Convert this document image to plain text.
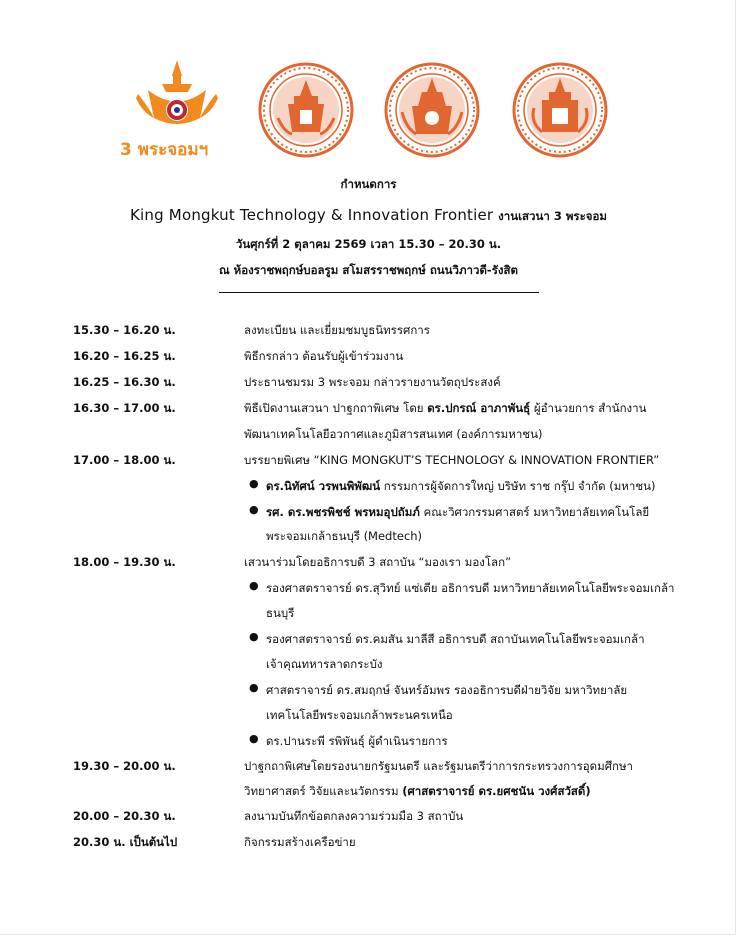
3 พระจอมฯ
กำหนดการ
King Mongkut Technology & Innovation Frontier งานเสวนา 3 พระจอม
วันศุกร์ที่ 2 ตุลาคม 2569 เวลา 15.30 – 20.30 น.
ณ ห้องราชพฤกษ์บอลรูม สโมสรราชพฤกษ์ ถนนวิภาวดี-รังสิต
15.30 – 16.20 น.	ลงทะเบียน และเยี่ยมชมบูธนิทรรศการ
16.20 – 16.25 น.	พิธีกรกล่าว ต้อนรับผู้เข้าร่วมงาน
16.25 – 16.30 น.	ประธานชมรม 3 พระจอม กล่าวรายงานวัตถุประสงค์
16.30 – 17.00 น.	พิธีเปิดงานเสวนา ปาฐกถาพิเศษ โดย ดร.ปกรณ์ อาภาพันธุ์ ผู้อำนวยการ สำนักงาน
พัฒนาเทคโนโลยีอวกาศและภูมิสารสนเทศ (องค์การมหาชน)
17.00 – 18.00 น.	บรรยายพิเศษ “KING MONGKUT’S TECHNOLOGY & INNOVATION FRONTIER”
● ดร.นิทัศน์ วรพนพิพัฒน์ กรรมการผู้จัดการใหญ่ บริษัท ราช กรุ๊ป จำกัด (มหาชน)
● รศ. ดร.พชรพิชช์ พรหมอุปถัมภ์ คณะวิศวกรรมศาสตร์ มหาวิทยาลัยเทคโนโลยี
พระจอมเกล้าธนบุรี (Medtech)
18.00 – 19.30 น.	เสวนาร่วมโดยอธิการบดี 3 สถาบัน “มองเรา มองโลก”
● รองศาสตราจารย์ ดร.สุวิทย์ แซ่เตีย อธิการบดี มหาวิทยาลัยเทคโนโลยีพระจอมเกล้า
ธนบุรี
● รองศาสตราจารย์ ดร.คมสัน มาลีสี อธิการบดี สถาบันเทคโนโลยีพระจอมเกล้า
เจ้าคุณทหารลาดกระบัง
● ศาสตราจารย์ ดร.สมฤกษ์ จันทร์อัมพร รองอธิการบดีฝ่ายวิจัย มหาวิทยาลัย
เทคโนโลยีพระจอมเกล้าพระนครเหนือ
● ดร.ปานระพี รพิพันธุ์ ผู้ดำเนินรายการ
19.30 – 20.00 น.	ปาฐกถาพิเศษโดยรองนายกรัฐมนตรี และรัฐมนตรีว่าการกระทรวงการอุดมศึกษา
วิทยาศาสตร์ วิจัยและนวัตกรรม (ศาสตราจารย์ ดร.ยศชนัน วงศ์สวัสดิ์)
20.00 – 20.30 น.	ลงนามบันทึกข้อตกลงความร่วมมือ 3 สถาบัน
20.30 น. เป็นต้นไป	กิจกรรมสร้างเครือข่าย
